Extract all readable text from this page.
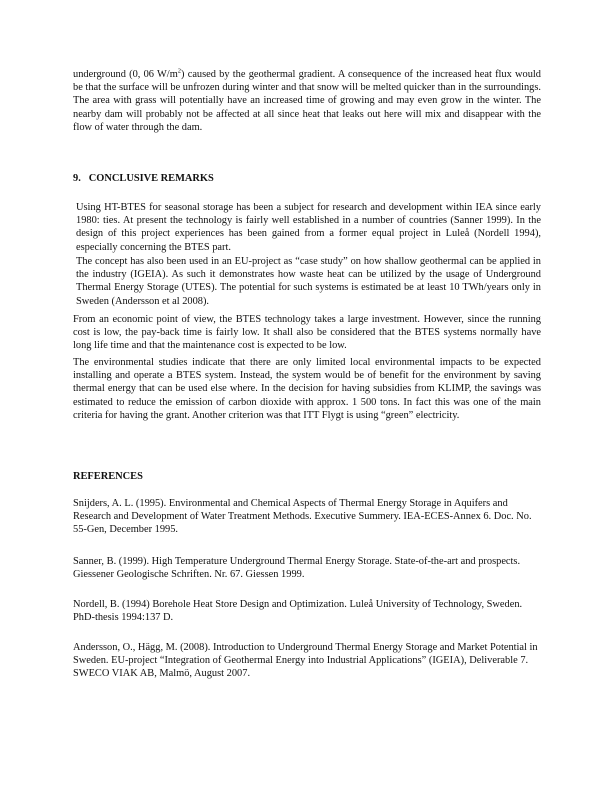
underground (0, 06 $W/m^2$) caused by the geothermal gradient. A consequence of the increased heat flux would be that the surface will be unfrozen during winter and that snow will be melted quicker than in the surroundings. The area with grass will potentially have an increased time of growing and may even grow in the winter. The nearby dam will probably not be affected at all since heat that leaks out here will mix and disappear with the flow of water through the dam.

9. CONCLUSIVE REMARKS

Using HT-BTES for seasonal storage has been a subject for research and development within IEA since early 1980: ties. At present the technology is fairly well established in a number of countries (Sanner 1999). In the design of this project experiences has been gained from a former equal project in Luleå (Nordell 1994), especially concerning the BTES part.

The concept has also been used in an EU-project as “case study” on how shallow geothermal can be applied in the industry (IGEIA). As such it demonstrates how waste heat can be utilized by the usage of Underground Thermal Energy Storage (UTES). The potential for such systems is estimated be at least 10 TWh/years only in Sweden (Andersson et al 2008).

From an economic point of view, the BTES technology takes a large investment. However, since the running cost is low, the pay-back time is fairly low. It shall also be considered that the BTES systems normally have long life time and that the maintenance cost is expected to be low.

The environmental studies indicate that there are only limited local environmental impacts to be expected installing and operate a BTES system. Instead, the system would be of benefit for the environment by saving thermal energy that can be used else where. In the decision for having subsidies from KLIMP, the savings was estimated to reduce the emission of carbon dioxide with approx. 1 500 tons. In fact this was one of the main criteria for having the grant. Another criterion was that ITT Flygt is using “green” electricity.

REFERENCES

Snijders, A. L. (1995). Environmental and Chemical Aspects of Thermal Energy Storage in Aquifers and Research and Development of Water Treatment Methods. Executive Summery. IEA-ECES-Annex 6. Doc. No. 55-Gen, December 1995.

Sanner, B. (1999). High Temperature Underground Thermal Energy Storage. State-of-the-art and prospects. Giessener Geologische Schriften. Nr. 67. Giessen 1999.

Nordell, B. (1994) Borehole Heat Store Design and Optimization. Luleå University of Technology, Sweden. PhD-thesis 1994:137 D.

Andersson, O., Hägg, M. (2008). Introduction to Underground Thermal Energy Storage and Market Potential in Sweden. EU-project “Integration of Geothermal Energy into Industrial Applications” (IGEIA), Deliverable 7. SWECO VIAK AB, Malmö, August 2007.
